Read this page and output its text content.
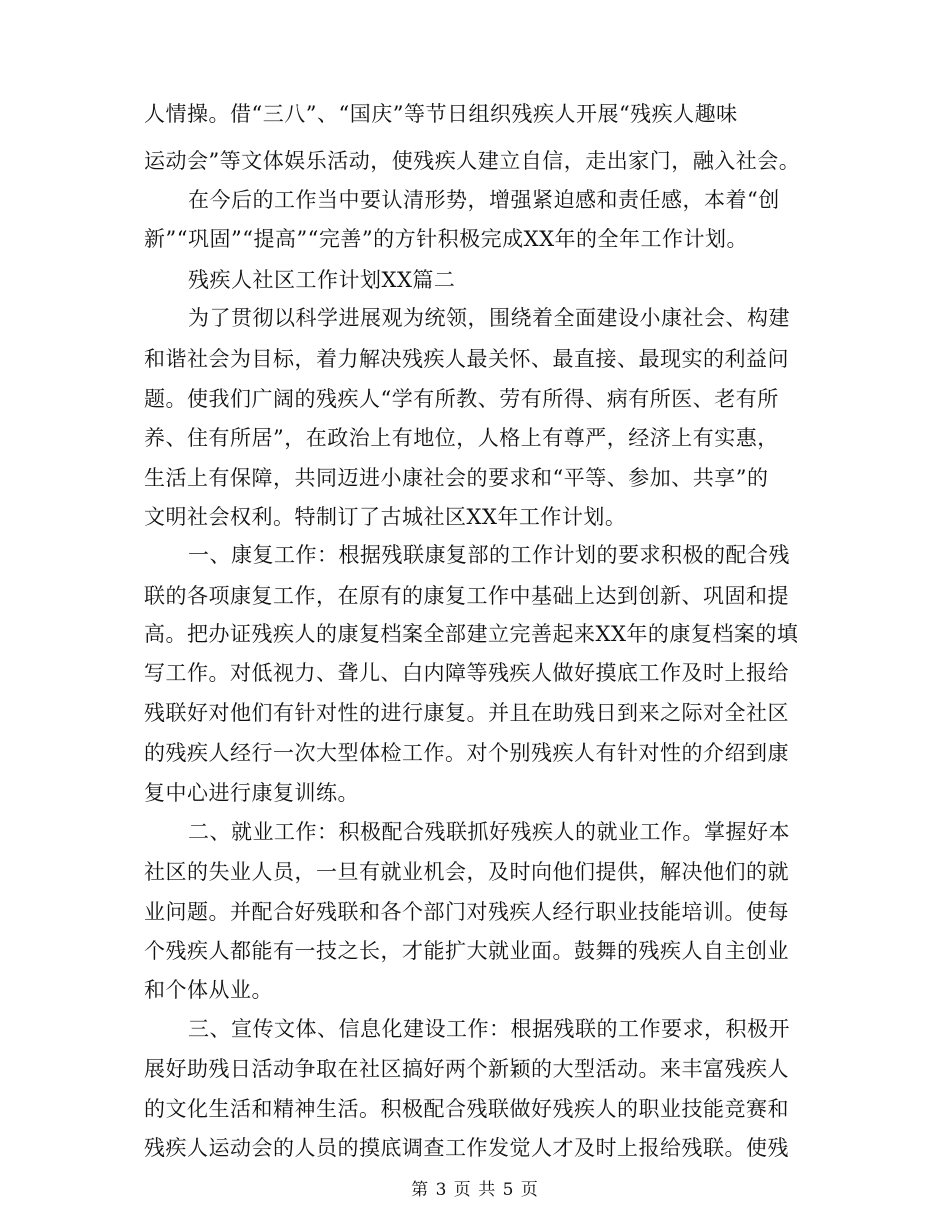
人情操。借“三八”、“国庆”等节日组织残疾人开展“残疾人趣味
运动会”等文体娱乐活动，使残疾人建立自信，走出家门，融入社会。
在今后的工作当中要认清形势，增强紧迫感和责任感，本着“创
新”“巩固”“提高”“完善”的方针积极完成XX年的全年工作计划。
残疾人社区工作计划XX篇二
为了贯彻以科学进展观为统领，围绕着全面建设小康社会、构建
和谐社会为目标，着力解决残疾人最关怀、最直接、最现实的利益问
题。使我们广阔的残疾人“学有所教、劳有所得、病有所医、老有所
养、住有所居”，在政治上有地位，人格上有尊严，经济上有实惠，
生活上有保障，共同迈进小康社会的要求和“平等、参加、共享”的
文明社会权利。特制订了古城社区XX年工作计划。
一、康复工作：根据残联康复部的工作计划的要求积极的配合残
联的各项康复工作，在原有的康复工作中基础上达到创新、巩固和提
高。把办证残疾人的康复档案全部建立完善起来XX年的康复档案的填
写工作。对低视力、聋儿、白内障等残疾人做好摸底工作及时上报给
残联好对他们有针对性的进行康复。并且在助残日到来之际对全社区
的残疾人经行一次大型体检工作。对个别残疾人有针对性的介绍到康
复中心进行康复训练。
二、就业工作：积极配合残联抓好残疾人的就业工作。掌握好本
社区的失业人员，一旦有就业机会，及时向他们提供，解决他们的就
业问题。并配合好残联和各个部门对残疾人经行职业技能培训。使每
个残疾人都能有一技之长，才能扩大就业面。鼓舞的残疾人自主创业
和个体从业。
三、宣传文体、信息化建设工作：根据残联的工作要求，积极开
展好助残日活动争取在社区搞好两个新颖的大型活动。来丰富残疾人
的文化生活和精神生活。积极配合残联做好残疾人的职业技能竞赛和
残疾人运动会的人员的摸底调查工作发觉人才及时上报给残联。使残
第 3 页 共 5 页
